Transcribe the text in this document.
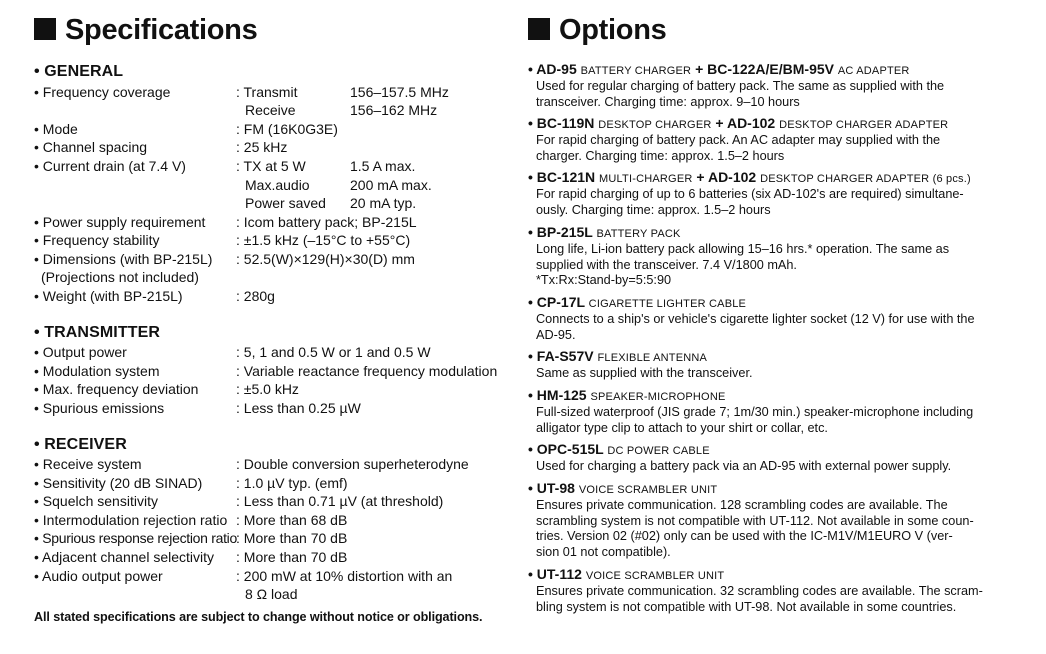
Specifications
• GENERAL
• Frequency coverage	: Transmit	156–157.5 MHz
Receive	156–162 MHz
• Mode	: FM (16K0G3E)
• Channel spacing	: 25 kHz
• Current drain (at 7.4 V)	: TX at 5 W	1.5 A max.
Max.audio	200 mA max.
Power saved 20 mA typ.
• Power supply requirement : Icom battery pack; BP-215L
• Frequency stability	: ±1.5 kHz (–15°C to +55°C)
• Dimensions (with BP-215L) : 52.5(W)×129(H)×30(D) mm
(Projections not included)
• Weight (with BP-215L)	: 280g
• TRANSMITTER
• Output power	: 5, 1 and 0.5 W or 1 and 0.5 W
• Modulation system	: Variable reactance frequency modulation
• Max. frequency deviation	: ±5.0 kHz
• Spurious emissions	: Less than 0.25 µW
• RECEIVER
• Receive system	: Double conversion superheterodyne
• Sensitivity (20 dB SINAD) : 1.0 µV typ. (emf)
• Squelch sensitivity	: Less than 0.71 µV (at threshold)
• Intermodulation rejection ratio : More than 68 dB
• Spurious response rejection ratio : More than 70 dB
• Adjacent channel selectivity : More than 70 dB
• Audio output power	: 200 mW at 10% distortion with an
8 Ω load
All stated specifications are subject to change without notice or obligations.
Options
• AD-95 BATTERY CHARGER + BC-122A/E/BM-95V AC ADAPTER
Used for regular charging of battery pack. The same as supplied with the
transceiver. Charging time: approx. 9–10 hours
• BC-119N DESKTOP CHARGER + AD-102 DESKTOP CHARGER ADAPTER
For rapid charging of battery pack. An AC adapter may supplied with the
charger. Charging time: approx. 1.5–2 hours
• BC-121N MULTI-CHARGER + AD-102 DESKTOP CHARGER ADAPTER (6 pcs.)
For rapid charging of up to 6 batteries (six AD-102's are required) simultane-
ously. Charging time: approx. 1.5–2 hours
• BP-215L BATTERY PACK
Long life, Li-ion battery pack allowing 15–16 hrs.* operation. The same as
supplied with the transceiver. 7.4 V/1800 mAh.
*Tx:Rx:Stand-by=5:5:90
• CP-17L CIGARETTE LIGHTER CABLE
Connects to a ship's or vehicle's cigarette lighter socket (12 V) for use with the
AD-95.
• FA-S57V FLEXIBLE ANTENNA
Same as supplied with the transceiver.
• HM-125 SPEAKER-MICROPHONE
Full-sized waterproof (JIS grade 7; 1m/30 min.) speaker-microphone including
alligator type clip to attach to your shirt or collar, etc.
• OPC-515L DC POWER CABLE
Used for charging a battery pack via an AD-95 with external power supply.
• UT-98 VOICE SCRAMBLER UNIT
Ensures private communication. 128 scrambling codes are available. The
scrambling system is not compatible with UT-112. Not available in some coun-
tries. Version 02 (#02) only can be used with the IC-M1V/M1EURO V (ver-
sion 01 not compatible).
• UT-112 VOICE SCRAMBLER UNIT
Ensures private communication. 32 scrambling codes are available. The scram-
bling system is not compatible with UT-98. Not available in some countries.
